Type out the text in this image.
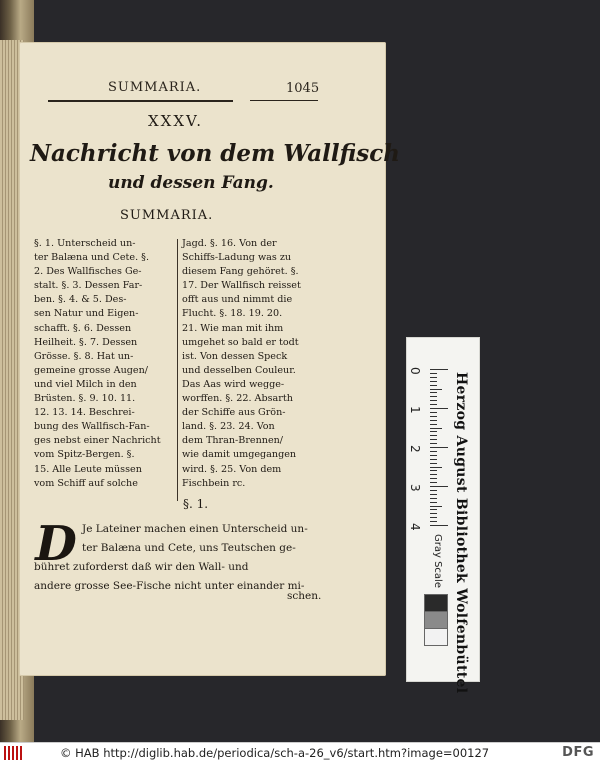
SUMMARIA.	1045
XXXV.
Nachricht von dem Wallfisch
und dessen Fang.
SUMMARIA.
§. 1. Unterscheid un-
ter Balæna und Cete. §.
2. Des Wallfisches Ge-
stalt. §. 3. Dessen Far-
ben. §. 4. & 5. Des-
sen Natur und Eigen-
schafft. §. 6. Dessen
Heilheit. §. 7. Dessen
Grösse. §. 8. Hat un-
gemeine grosse Augen/
und viel Milch in den
Brüsten. §. 9. 10. 11.
12. 13. 14. Beschrei-
bung des Wallfisch-Fan-
ges nebst einer Nachricht
vom Spitz-Bergen. §.
15. Alle Leute müssen
vom Schiff auf solche
Jagd. §. 16. Von der
Schiffs-Ladung was zu
diesem Fang gehöret. §.
17. Der Wallfisch reisset
offt aus und nimmt die
Flucht. §. 18. 19. 20.
21. Wie man mit ihm
umgehet so bald er todt
ist. Von dessen Speck
und desselben Couleur.
Das Aas wird wegge-
worffen. §. 22. Absarth
der Schiffe aus Grön-
land. §. 23. 24. Von
dem Thran-Brennen/
wie damit umgegangen
wird. §. 25. Von dem
Fischbein rc.
§. 1.
D Je Lateiner machen einen Unterscheid un-
ter Balæna und Cete, uns Teutschen ge-
bühret zuforderst daß wir den Wall- und
andere grosse See-Fische nicht unter einander mi-
schen.
0
1
2
3
4 Herzog August Bibliothek Wolfenbüttel
Gray Scale
© HAB http://diglib.hab.de/periodica/sch-a-26_v6/start.htm?image=00127	DFG
